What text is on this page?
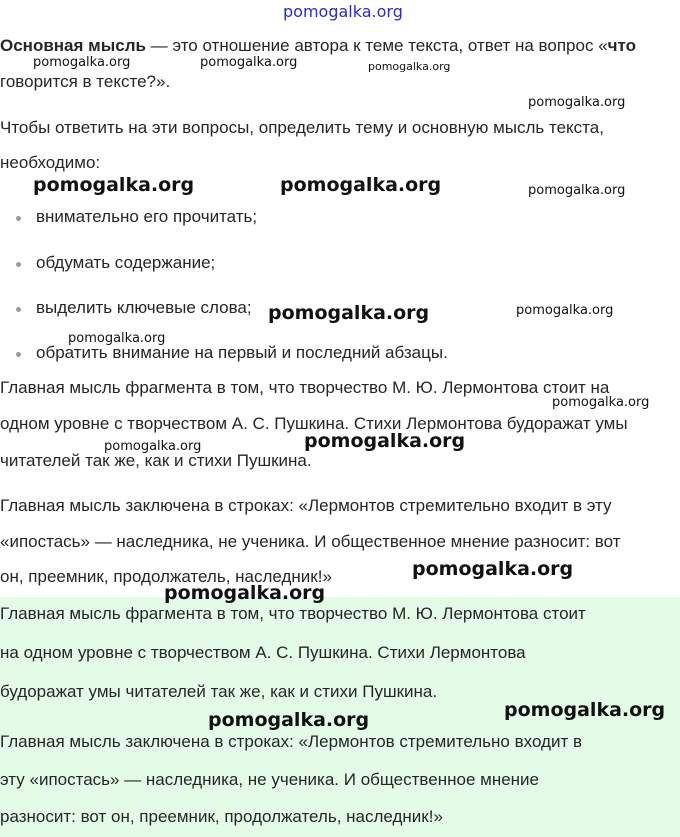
pomogalka.org

Основная мысль — это отношение автора к теме текста, ответ на вопрос «что

говорится в тексте?».

Чтобы ответить на эти вопросы, определить тему и основную мысль текста,

необходимо:

внимательно его прочитать;
обдумать содержание;
выделить ключевые слова;
обратить внимание на первый и последний абзацы.

Главная мысль фрагмента в том, что творчество М. Ю. Лермонтова стоит на

одном уровне с творчеством А. С. Пушкина. Стихи Лермонтова будоражат умы

читателей так же, как и стихи Пушкина.

Главная мысль заключена в строках: «Лермонтов стремительно входит в эту

«ипостась» — наследника, не ученика. И общественное мнение разносит: вот

он, преемник, продолжатель, наследник!»

Главная мысль фрагмента в том, что творчество М. Ю. Лермонтова стоит

на одном уровне с творчеством А. С. Пушкина. Стихи Лермонтова

будоражат умы читателей так же, как и стихи Пушкина.

Главная мысль заключена в строках: «Лермонтов стремительно входит в

эту «ипостась» — наследника, не ученика. И общественное мнение

разносит: вот он, преемник, продолжатель, наследник!»

pomogalka.org	pomogalka.org	pomogalka.org
pomogalka.org
pomogalka.org	pomogalka.org	pomogalka.org
pomogalka.org	pomogalka.org
pomogalka.org
pomogalka.org
pomogalka.org	pomogalka.org
pomogalka.org
pomogalka.org
pomogalka.org	pomogalka.org
